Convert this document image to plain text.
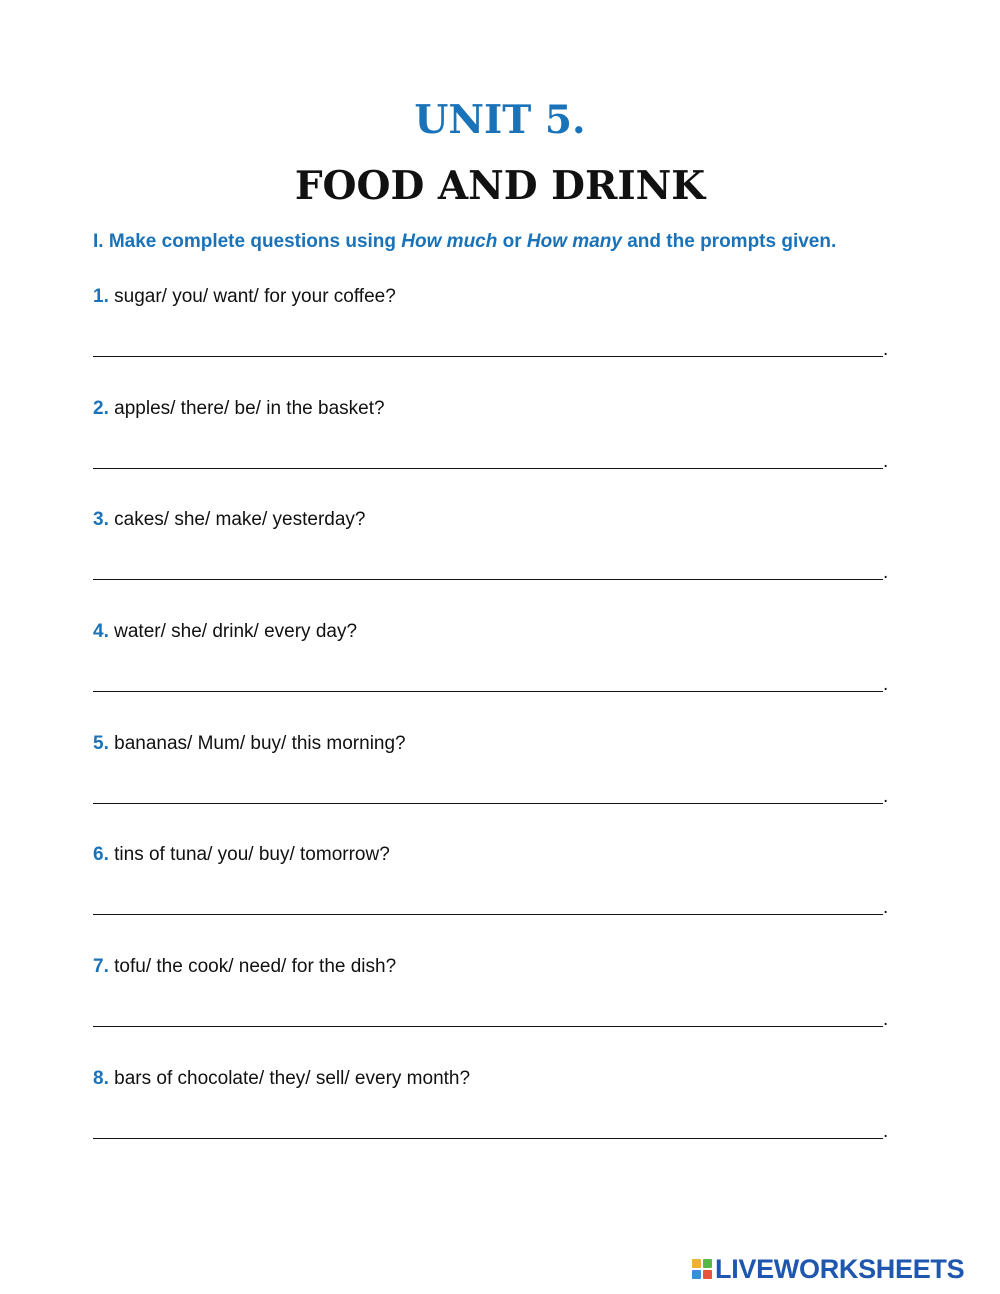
UNIT 5.
FOOD AND DRINK
I. Make complete questions using How much or How many and the prompts given.
1. sugar/ you/ want/ for your coffee?
.
2. apples/ there/ be/ in the basket?
.
3. cakes/ she/ make/ yesterday?
.
4. water/ she/ drink/ every day?
.
5. bananas/ Mum/ buy/ this morning?
.
6. tins of tuna/ you/ buy/ tomorrow?
.
7. tofu/ the cook/ need/ for the dish?
.
8. bars of chocolate/ they/ sell/ every month?
.
LIVEWORKSHEETS
